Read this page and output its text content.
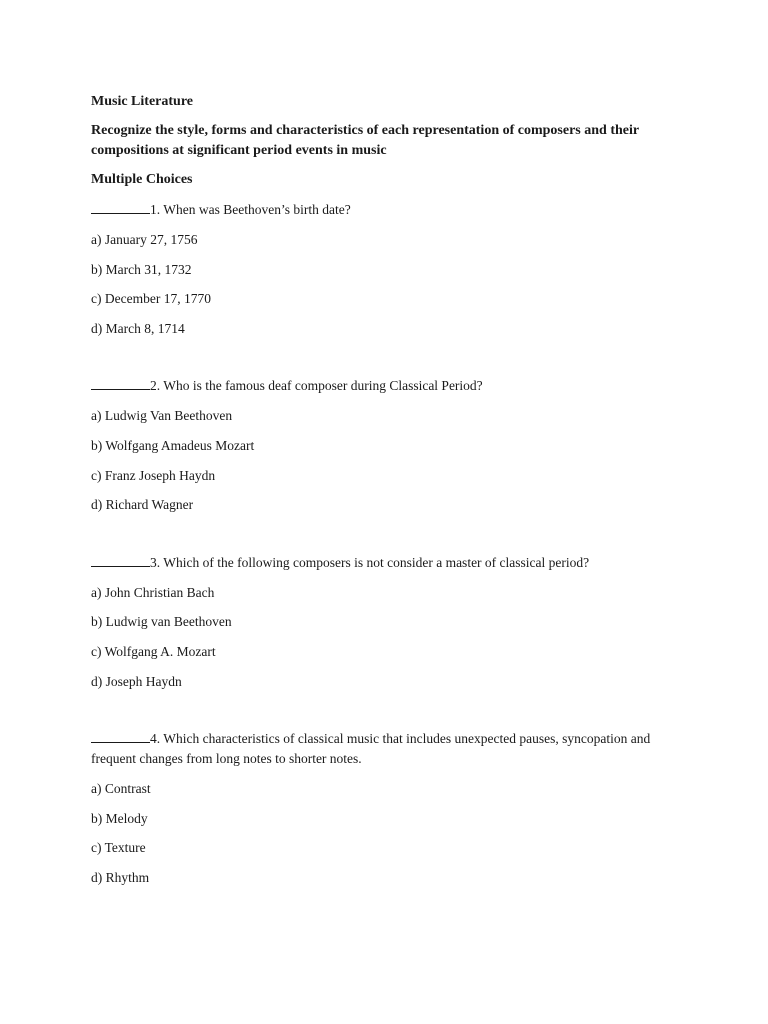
Music Literature
Recognize the style, forms and characteristics of each representation of composers and their compositions at significant period events in music
Multiple Choices
1. When was Beethoven’s birth date?
a) January 27, 1756
b) March 31, 1732
c) December 17, 1770
d) March 8, 1714
2. Who is the famous deaf composer during Classical Period?
a) Ludwig Van Beethoven
b) Wolfgang Amadeus Mozart
c) Franz Joseph Haydn
d) Richard Wagner
3. Which of the following composers is not consider a master of classical period?
a) John Christian Bach
b) Ludwig van Beethoven
c) Wolfgang A. Mozart
d) Joseph Haydn
4. Which characteristics of classical music that includes unexpected pauses, syncopation and frequent changes from long notes to shorter notes.
a) Contrast
b) Melody
c) Texture
d) Rhythm
